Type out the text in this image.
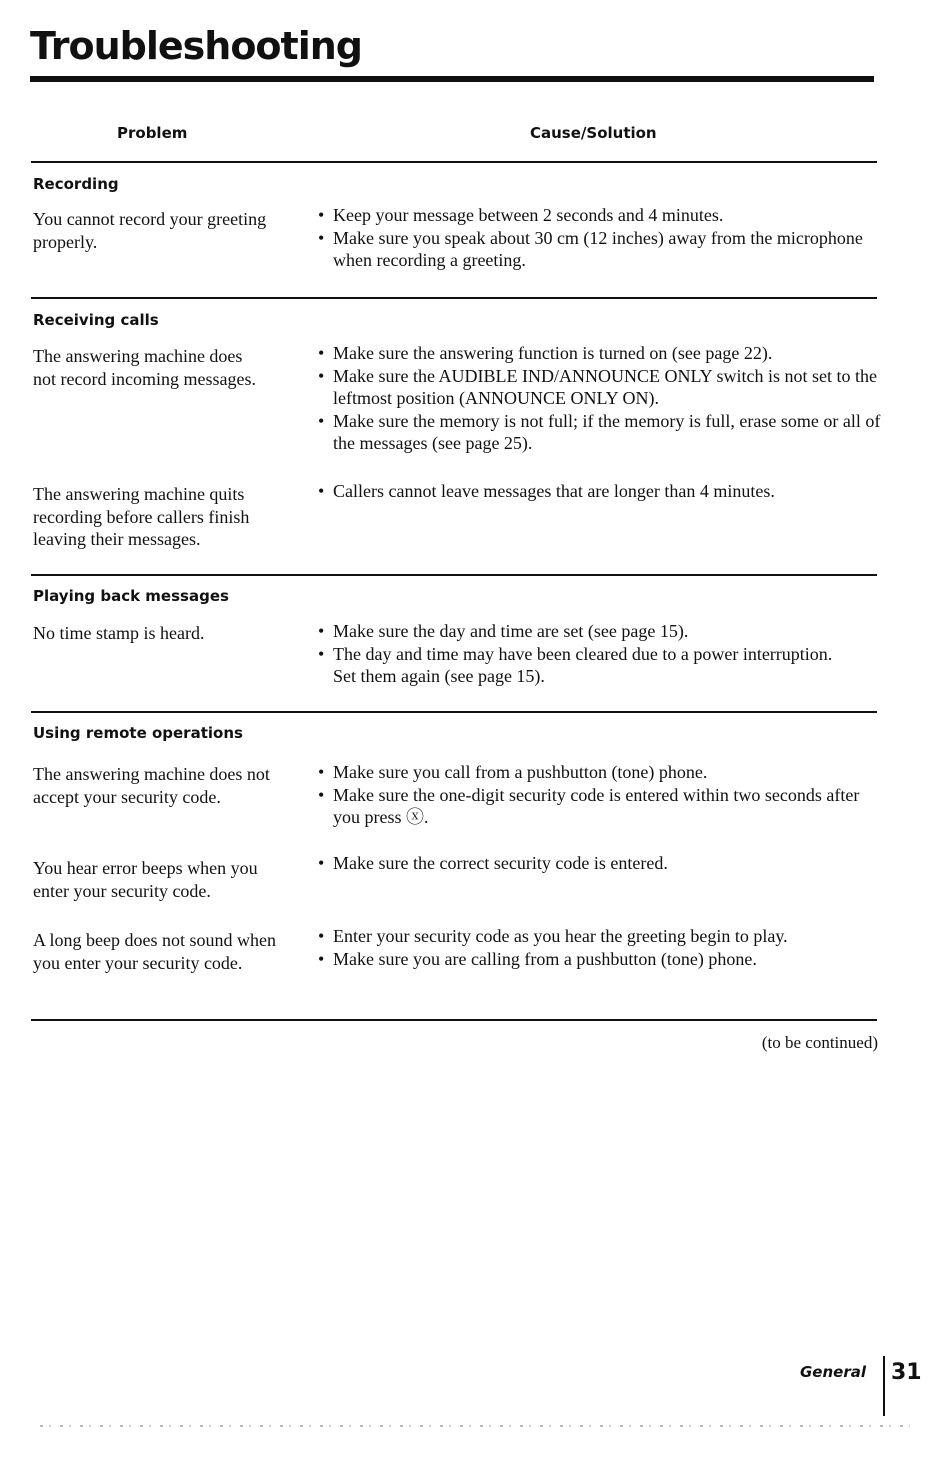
Troubleshooting
Problem	Cause/Solution
Recording
You cannot record your greeting properly.
• Keep your message between 2 seconds and 4 minutes.
• Make sure you speak about 30 cm (12 inches) away from the microphone when recording a greeting.
Receiving calls
The answering machine does not record incoming messages.
• Make sure the answering function is turned on (see page 22).
• Make sure the AUDIBLE IND/ANNOUNCE ONLY switch is not set to the leftmost position (ANNOUNCE ONLY ON).
• Make sure the memory is not full; if the memory is full, erase some or all of the messages (see page 25).
The answering machine quits recording before callers finish leaving their messages.
• Callers cannot leave messages that are longer than 4 minutes.
Playing back messages
No time stamp is heard.
•	Make sure the day and time are set (see page 15).
• The day and time may have been cleared due to a power interruption. Set them again (see page 15).
Using remote operations
The answering machine does not accept your security code.
• Make sure you call from a pushbutton (tone) phone.
• Make sure the one-digit security code is entered within two seconds after you press ⓧ.
You hear error beeps when you enter your security code.
• Make sure the correct security code is entered.
A long beep does not sound when you enter your security code.
• Enter your security code as you hear the greeting begin to play.
• Make sure you are calling from a pushbutton (tone) phone.
(to be continued)
General 31
